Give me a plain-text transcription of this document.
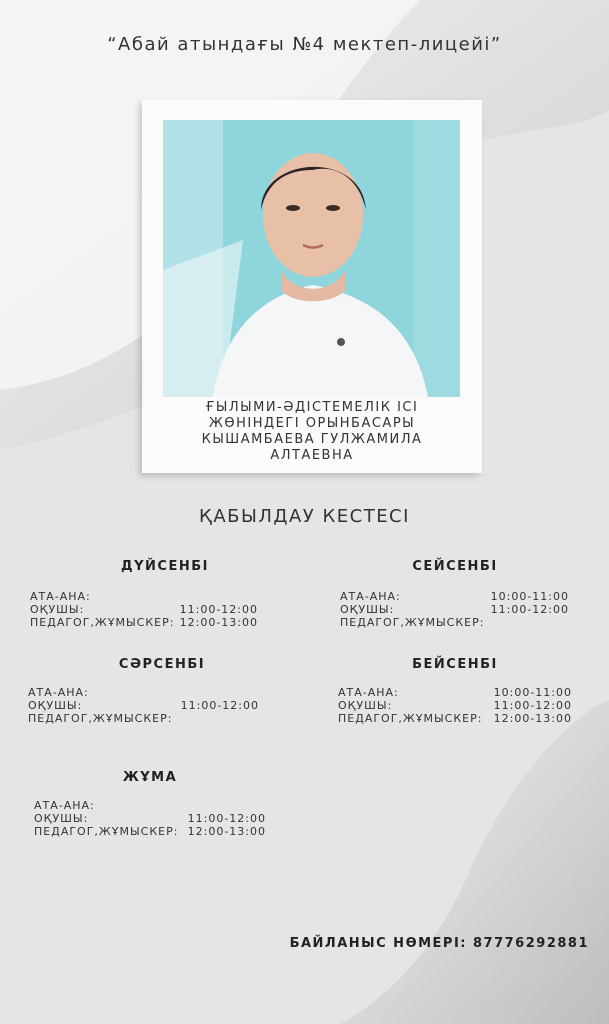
“Абай атындағы №4 мектеп-лицейі”
ҒЫЛЫМИ-ӘДІСТЕМЕЛІК ІСІ
ЖӨНІНДЕГІ ОРЫНБАСАРЫ
КЫШАМБАЕВА ГУЛЖАМИЛА
АЛТАЕВНА
ҚАБЫЛДАУ КЕСТЕСІ
ДҮЙСЕНБІ
АТА-АНА:
ОҚУШЫ:	11:00-12:00
ПЕДАГОГ,ЖҰМЫСКЕР: 12:00-13:00
СЕЙСЕНБІ
АТА-АНА:	10:00-11:00
ОҚУШЫ:	11:00-12:00
ПЕДАГОГ,ЖҰМЫСКЕР:
СӘРСЕНБІ
АТА-АНА:
ОҚУШЫ:	11:00-12:00
ПЕДАГОГ,ЖҰМЫСКЕР:
БЕЙСЕНБІ
АТА-АНА:	10:00-11:00
ОҚУШЫ:	11:00-12:00
ПЕДАГОГ,ЖҰМЫСКЕР: 12:00-13:00
ЖҰМА
АТА-АНА:
ОҚУШЫ:	11:00-12:00
ПЕДАГОГ,ЖҰМЫСКЕР: 12:00-13:00
БАЙЛАНЫС НӨМЕРІ: 87776292881
